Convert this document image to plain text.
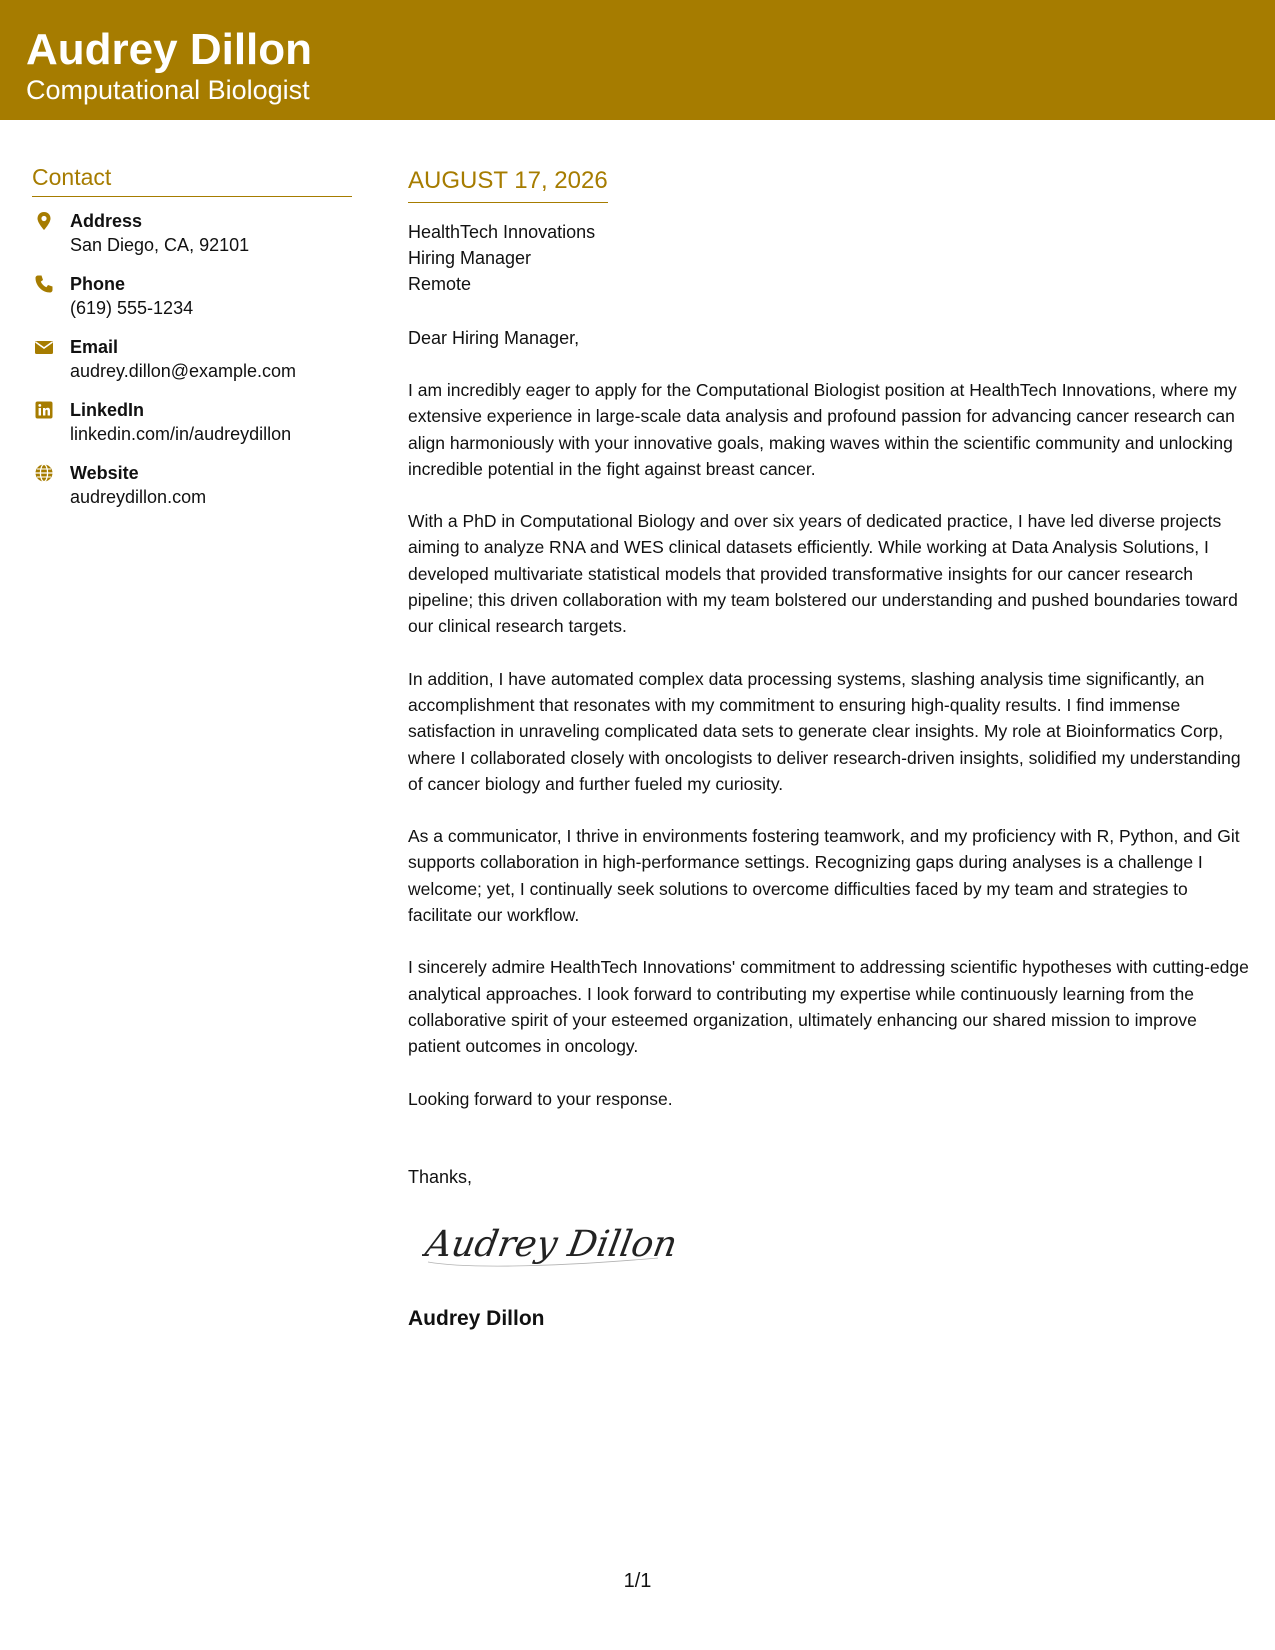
Audrey Dillon
Computational Biologist
Contact
Address
San Diego, CA, 92101
Phone
(619) 555-1234
Email
audrey.dillon@example.com
LinkedIn
linkedin.com/in/audreydillon
Website
audreydillon.com
AUGUST 17, 2026
HealthTech Innovations
Hiring Manager
Remote
Dear Hiring Manager,
I am incredibly eager to apply for the Computational Biologist position at HealthTech Innovations, where my extensive experience in large-scale data analysis and profound passion for advancing cancer research can align harmoniously with your innovative goals, making waves within the scientific community and unlocking incredible potential in the fight against breast cancer.
With a PhD in Computational Biology and over six years of dedicated practice, I have led diverse projects aiming to analyze RNA and WES clinical datasets efficiently. While working at Data Analysis Solutions, I developed multivariate statistical models that provided transformative insights for our cancer research pipeline; this driven collaboration with my team bolstered our understanding and pushed boundaries toward our clinical research targets.
In addition, I have automated complex data processing systems, slashing analysis time significantly, an accomplishment that resonates with my commitment to ensuring high-quality results. I find immense satisfaction in unraveling complicated data sets to generate clear insights. My role at Bioinformatics Corp, where I collaborated closely with oncologists to deliver research-driven insights, solidified my understanding of cancer biology and further fueled my curiosity.
As a communicator, I thrive in environments fostering teamwork, and my proficiency with R, Python, and Git supports collaboration in high-performance settings. Recognizing gaps during analyses is a challenge I welcome; yet, I continually seek solutions to overcome difficulties faced by my team and strategies to facilitate our workflow.
I sincerely admire HealthTech Innovations' commitment to addressing scientific hypotheses with cutting-edge analytical approaches. I look forward to contributing my expertise while continuously learning from the collaborative spirit of your esteemed organization, ultimately enhancing our shared mission to improve patient outcomes in oncology.
Looking forward to your response.
Thanks,
Audrey Dillon
Audrey Dillon
1/1
